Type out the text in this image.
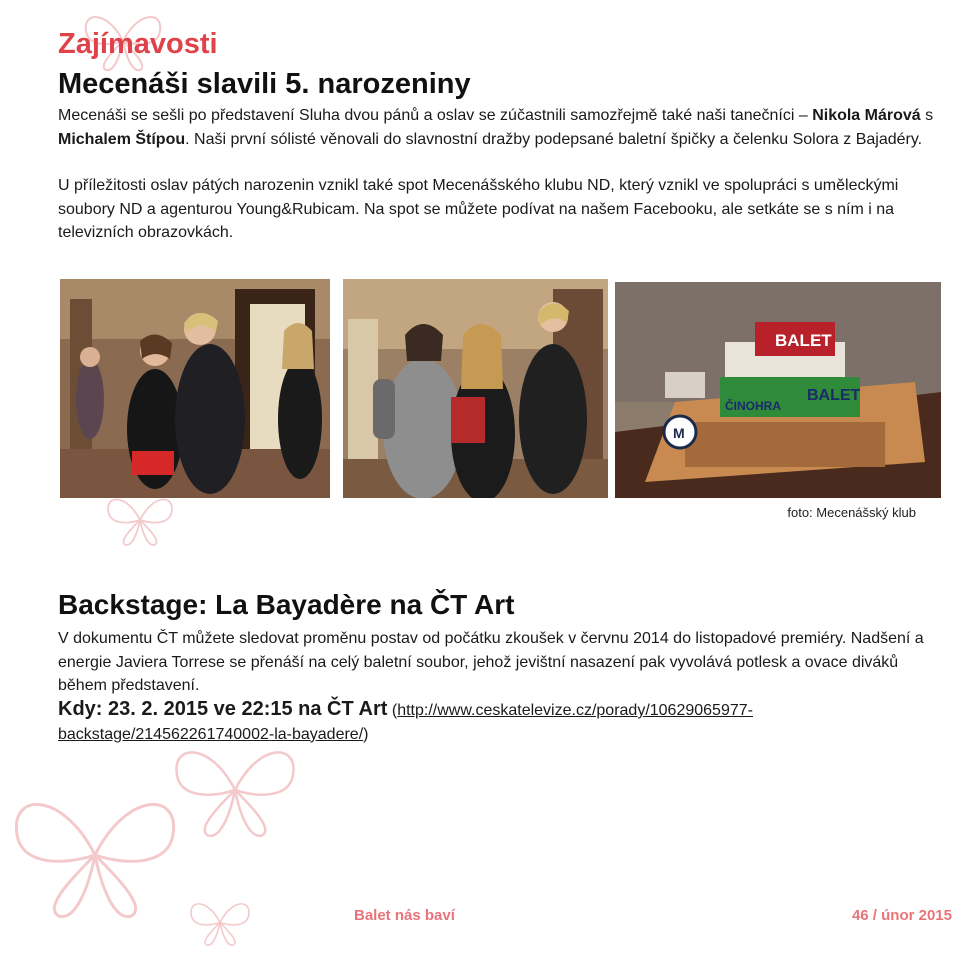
Zajímavosti
Mecenáši slavili 5. narozeniny
Mecenáši se sešli po představení Sluha dvou pánů a oslav se zúčastnili samozřejmě také naši tanečníci – Nikola Márová s Michalem Štípou. Naši první sólisté věnovali do slavnostní dražby podepsané baletní špičky a čelenku Solora z Bajadéry.
U příležitosti oslav pátých narozenin vznikl také spot Mecenášského klubu ND, který vznikl ve spolupráci s uměleckými soubory ND a agenturou Young&Rubicam. Na spot se můžete podívat na našem Facebooku, ale setkáte se s ním i na televizních obrazovkách.
BALET
BALET
ČINOHRA
M
foto: Mecenášský klub
Backstage: La Bayadère na ČT Art
V dokumentu ČT můžete sledovat proměnu postav od počátku zkoušek v červnu 2014 do listopadové premiéry. Nadšení a energie Javiera Torrese se přenáší na celý baletní soubor, jehož jevištní nasazení pak vyvolává potlesk a ovace diváků během představení.
Kdy: 23. 2. 2015 ve 22:15 na ČT Art (http://www.ceskatelevize.cz/porady/10629065977-backstage/214562261740002-la-bayadere/)
Balet nás baví	46 / únor 2015
